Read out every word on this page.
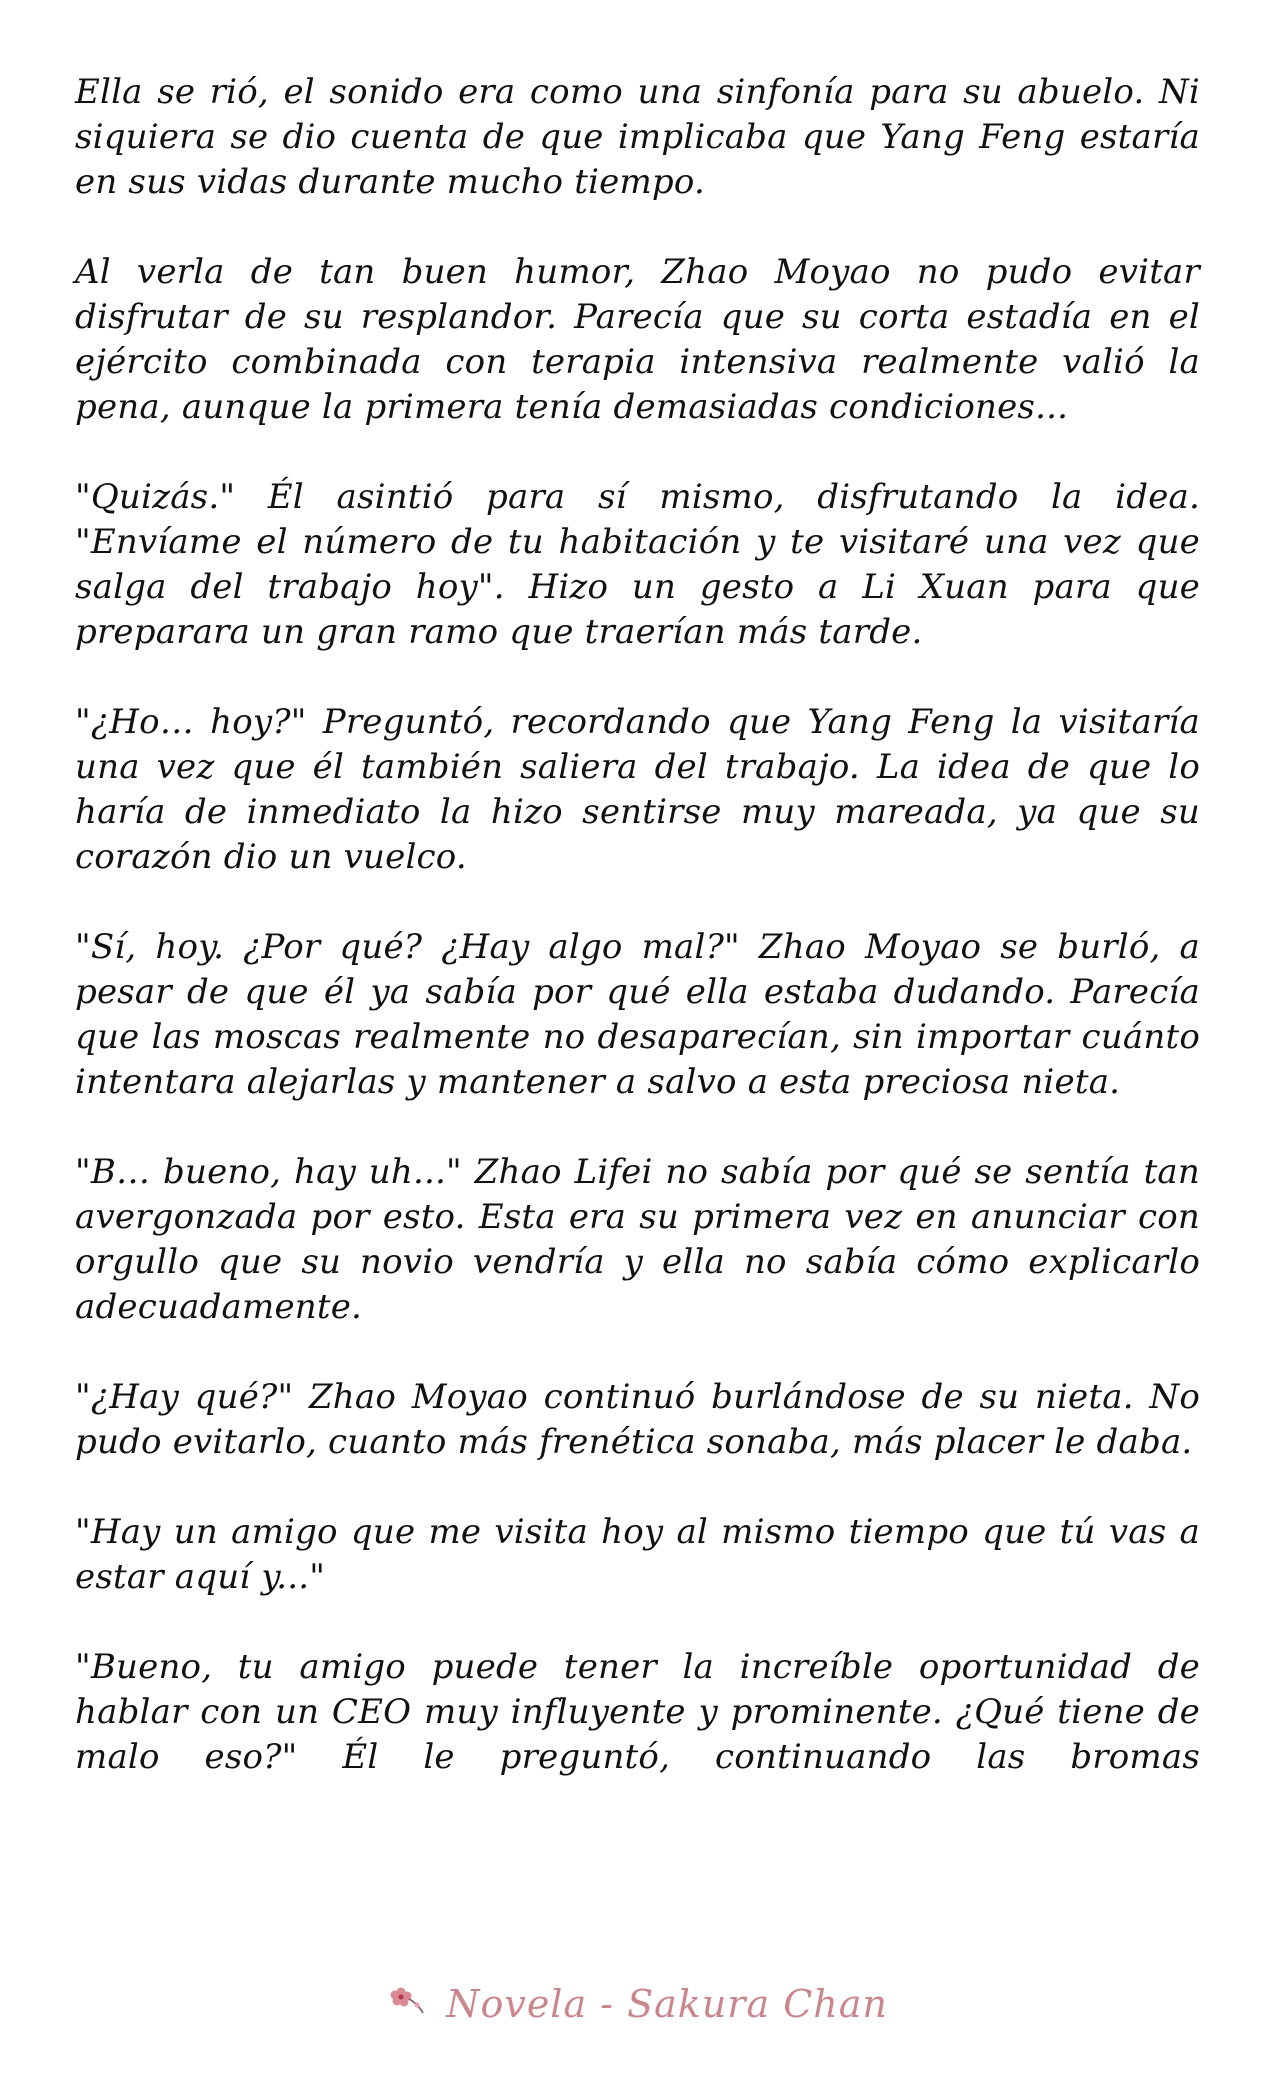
Ella se rió, el sonido era como una sinfonía para su abuelo. Ni siquiera se dio cuenta de que implicaba que Yang Feng estaría en sus vidas durante mucho tiempo.

Al verla de tan buen humor, Zhao Moyao no pudo evitar disfrutar de su resplandor. Parecía que su corta estadía en el ejército combinada con terapia intensiva realmente valió la pena, aunque la primera tenía demasiadas condiciones...

"Quizás." Él asintió para sí mismo, disfrutando la idea. "Envíame el número de tu habitación y te visitaré una vez que salga del trabajo hoy". Hizo un gesto a Li Xuan para que preparara un gran ramo que traerían más tarde.

"¿Ho… hoy?" Preguntó, recordando que Yang Feng la visitaría una vez que él también saliera del trabajo. La idea de que lo haría de inmediato la hizo sentirse muy mareada, ya que su corazón dio un vuelco.

"Sí, hoy. ¿Por qué? ¿Hay algo mal?" Zhao Moyao se burló, a pesar de que él ya sabía por qué ella estaba dudando. Parecía que las moscas realmente no desaparecían, sin importar cuánto intentara alejarlas y mantener a salvo a esta preciosa nieta.

"B… bueno, hay uh..." Zhao Lifei no sabía por qué se sentía tan avergonzada por esto. Esta era su primera vez en anunciar con orgullo que su novio vendría y ella no sabía cómo explicarlo adecuadamente.

"¿Hay qué?" Zhao Moyao continuó burlándose de su nieta. No pudo evitarlo, cuanto más frenética sonaba, más placer le daba.

"Hay un amigo que me visita hoy al mismo tiempo que tú vas a estar aquí y..."

"Bueno, tu amigo puede tener la increíble oportunidad de hablar con un CEO muy influyente y prominente. ¿Qué tiene de malo eso?" Él le preguntó, continuando las bromas

Novela - Sakura Chan
